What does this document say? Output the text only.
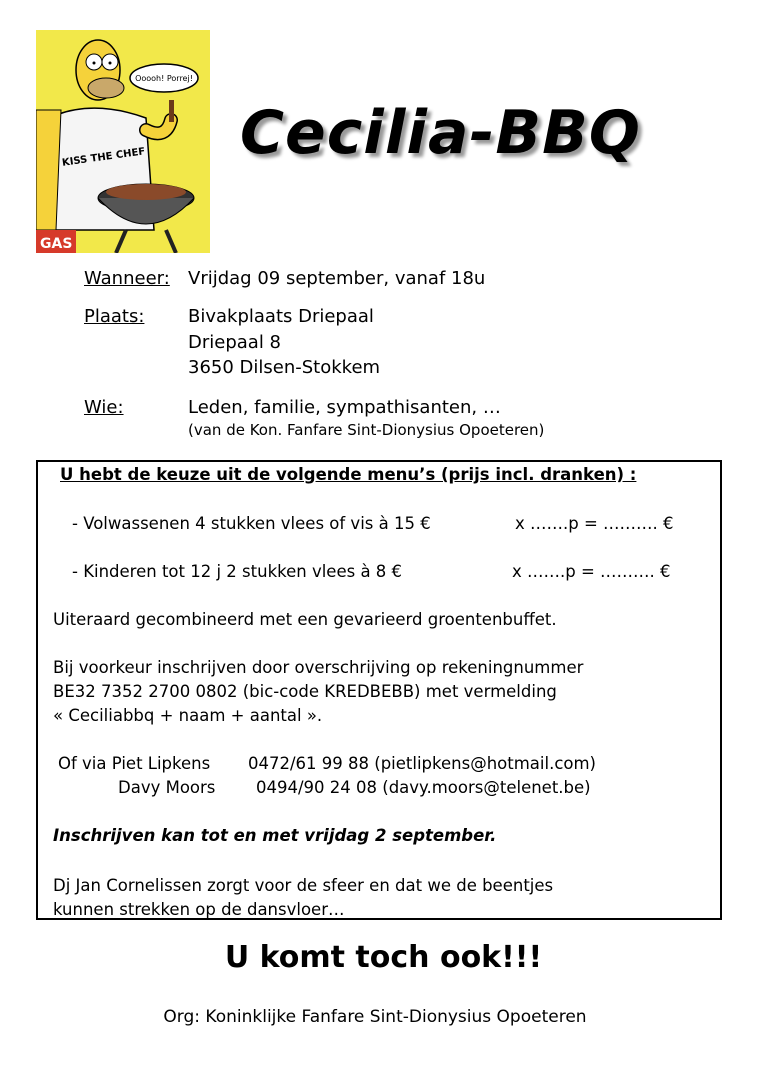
Ooooh! Porrej!
KISS THE CHEF
GAS
Cecilia-BBQ
Wanneer: Vrijdag 09 september, vanaf 18u
Plaats: Bivakplaats Driepaal
Driepaal 8
3650 Dilsen-Stokkem
Wie:	Leden, familie, sympathisanten, …
(van de Kon. Fanfare Sint-Dionysius Opoeteren)
U hebt de keuze uit de volgende menu’s (prijs incl. dranken) :
- Volwassenen 4 stukken vlees of vis à 15 €	x …….p = ………. €
- Kinderen tot 12 j 2 stukken vlees à 8 €	x …….p = ………. €
Uiteraard gecombineerd met een gevarieerd groentenbuffet.
Bij voorkeur inschrijven door overschrijving op rekeningnummer
BE32 7352 2700 0802 (bic-code KREDBEBB) met vermelding
« Ceciliabbq + naam + aantal ».
Of via Piet Lipkens 0472/61 99 88 (pietlipkens@hotmail.com)
Davy Moors 0494/90 24 08 (davy.moors@telenet.be)
Inschrijven kan tot en met vrijdag 2 september.
Dj Jan Cornelissen zorgt voor de sfeer en dat we de beentjes
kunnen strekken op de dansvloer…
U komt toch ook!!!
Org: Koninklijke Fanfare Sint-Dionysius Opoeteren
